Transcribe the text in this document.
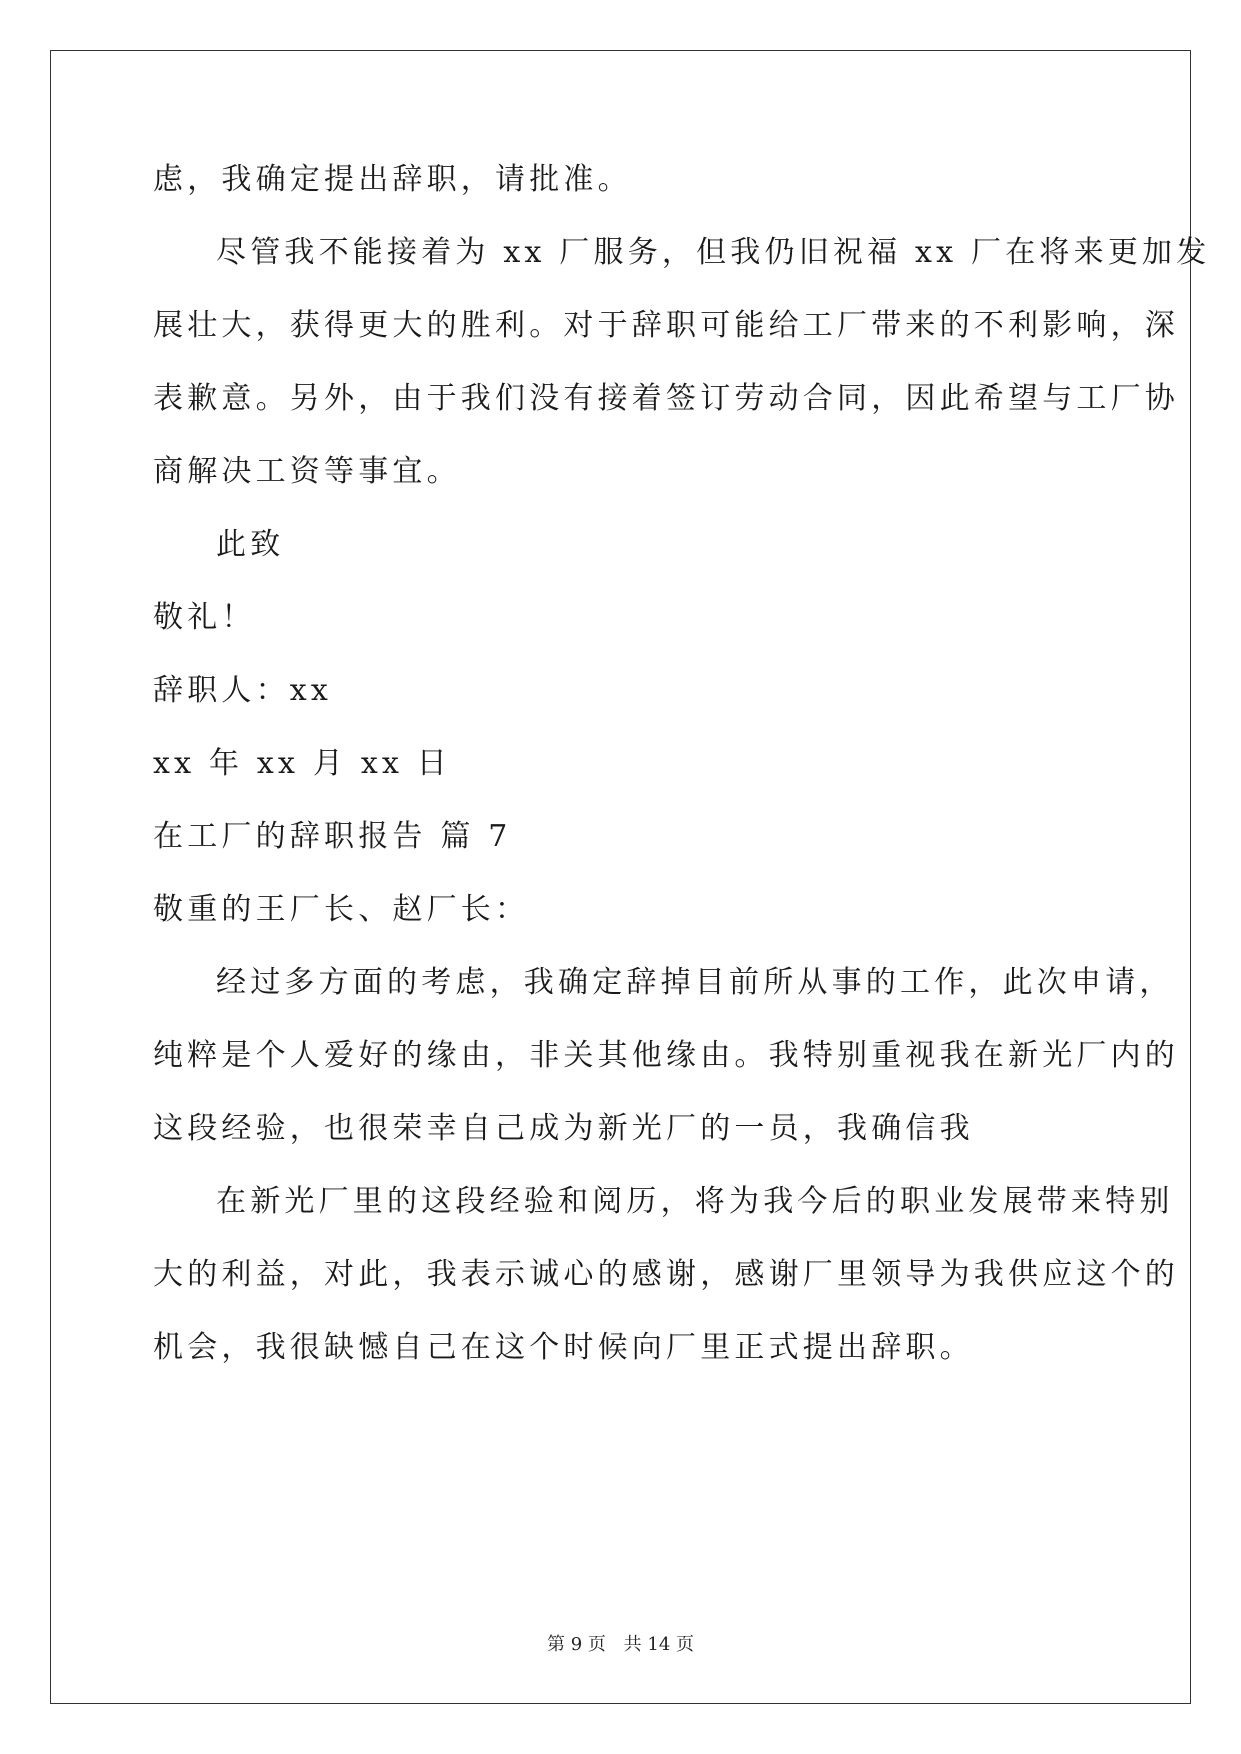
虑，我确定提出辞职，请批准。
尽管我不能接着为 xx 厂服务，但我仍旧祝福 xx 厂在将来更加发
展壮大，获得更大的胜利。对于辞职可能给工厂带来的不利影响，深
表歉意。另外，由于我们没有接着签订劳动合同，因此希望与工厂协
商解决工资等事宜。
此致
敬礼！
辞职人：xx
xx 年 xx 月 xx 日
在工厂的辞职报告 篇 7
敬重的王厂长、赵厂长：
经过多方面的考虑，我确定辞掉目前所从事的工作，此次申请，
纯粹是个人爱好的缘由，非关其他缘由。我特别重视我在新光厂内的
这段经验，也很荣幸自己成为新光厂的一员，我确信我
在新光厂里的这段经验和阅历，将为我今后的职业发展带来特别
大的利益，对此，我表示诚心的感谢，感谢厂里领导为我供应这个的
机会，我很缺憾自己在这个时候向厂里正式提出辞职。
第 9 页 共 14 页
